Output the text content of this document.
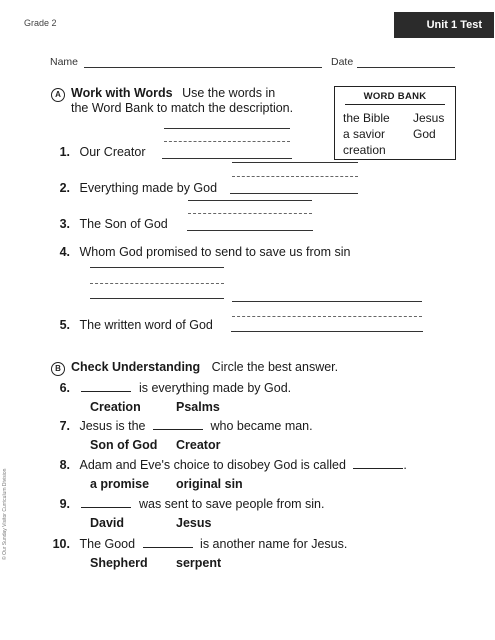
Grade 2	Unit 1 Test
Name	Date
A Work with Words Use the words in
the Word Bank to match the description.
WORD BANK
the Bible Jesus
a savior God
creation
1. Our Creator
2. Everything made by God
3. The Son of God
4. Whom God promised to send to save us from sin
5. The written word of God
B Check Understanding Circle the best answer.
6.	is everything made by God.
Creation	Psalms
7. Jesus is the	who became man.
Son of God Creator
8. Adam and Eve's choice to disobey God is called	.
a promise original sin
9.	was sent to save people from sin.
David	Jesus
10. The Good	is another name for Jesus.
Shepherd serpent
© Our Sunday Visitor Curriculum Division
